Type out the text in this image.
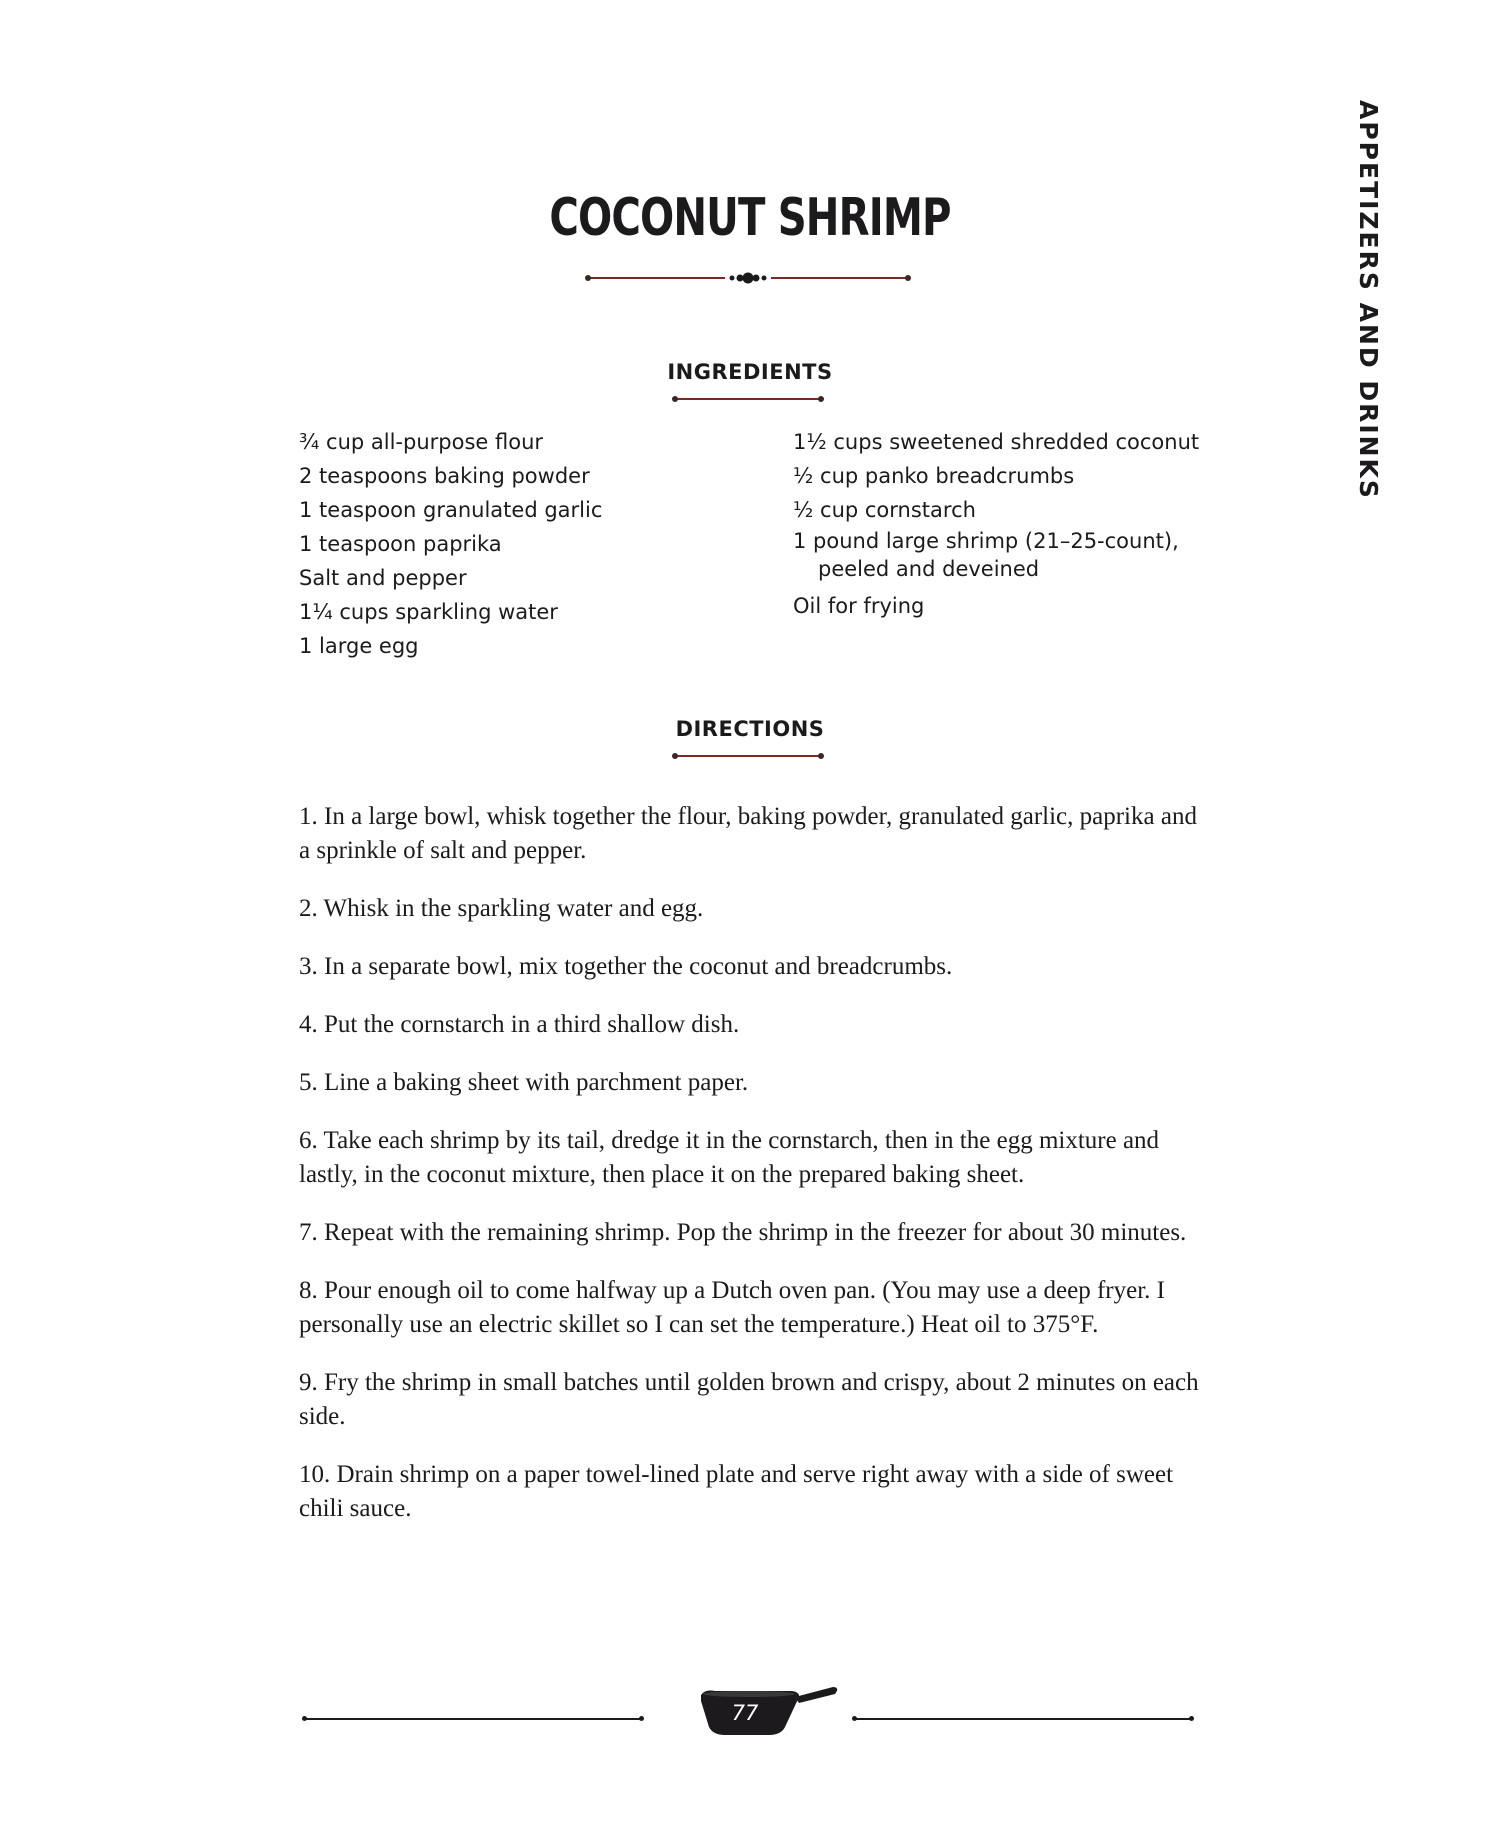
APPETIZERS AND DRINKS
COCONUT SHRIMP
INGREDIENTS
¾ cup all-purpose flour
2 teaspoons baking powder
1 teaspoon granulated garlic
1 teaspoon paprika
Salt and pepper
1¼ cups sparkling water
1 large egg
1½ cups sweetened shredded coconut
½ cup panko breadcrumbs
½ cup cornstarch
1 pound large shrimp (21–25-count),
peeled and deveined
Oil for frying
DIRECTIONS
1. In a large bowl, whisk together the flour, baking powder, granulated garlic, paprika and a sprinkle of salt and pepper.
2. Whisk in the sparkling water and egg.
3. In a separate bowl, mix together the coconut and breadcrumbs.
4. Put the cornstarch in a third shallow dish.
5. Line a baking sheet with parchment paper.
6. Take each shrimp by its tail, dredge it in the cornstarch, then in the egg mixture and lastly, in the coconut mixture, then place it on the prepared baking sheet.
7. Repeat with the remaining shrimp. Pop the shrimp in the freezer for about 30 minutes.
8. Pour enough oil to come halfway up a Dutch oven pan. (You may use a deep fryer. I personally use an electric skillet so I can set the temperature.) Heat oil to 375°F.
9. Fry the shrimp in small batches until golden brown and crispy, about 2 minutes on each side.
10. Drain shrimp on a paper towel-lined plate and serve right away with a side of sweet chili sauce.
77
